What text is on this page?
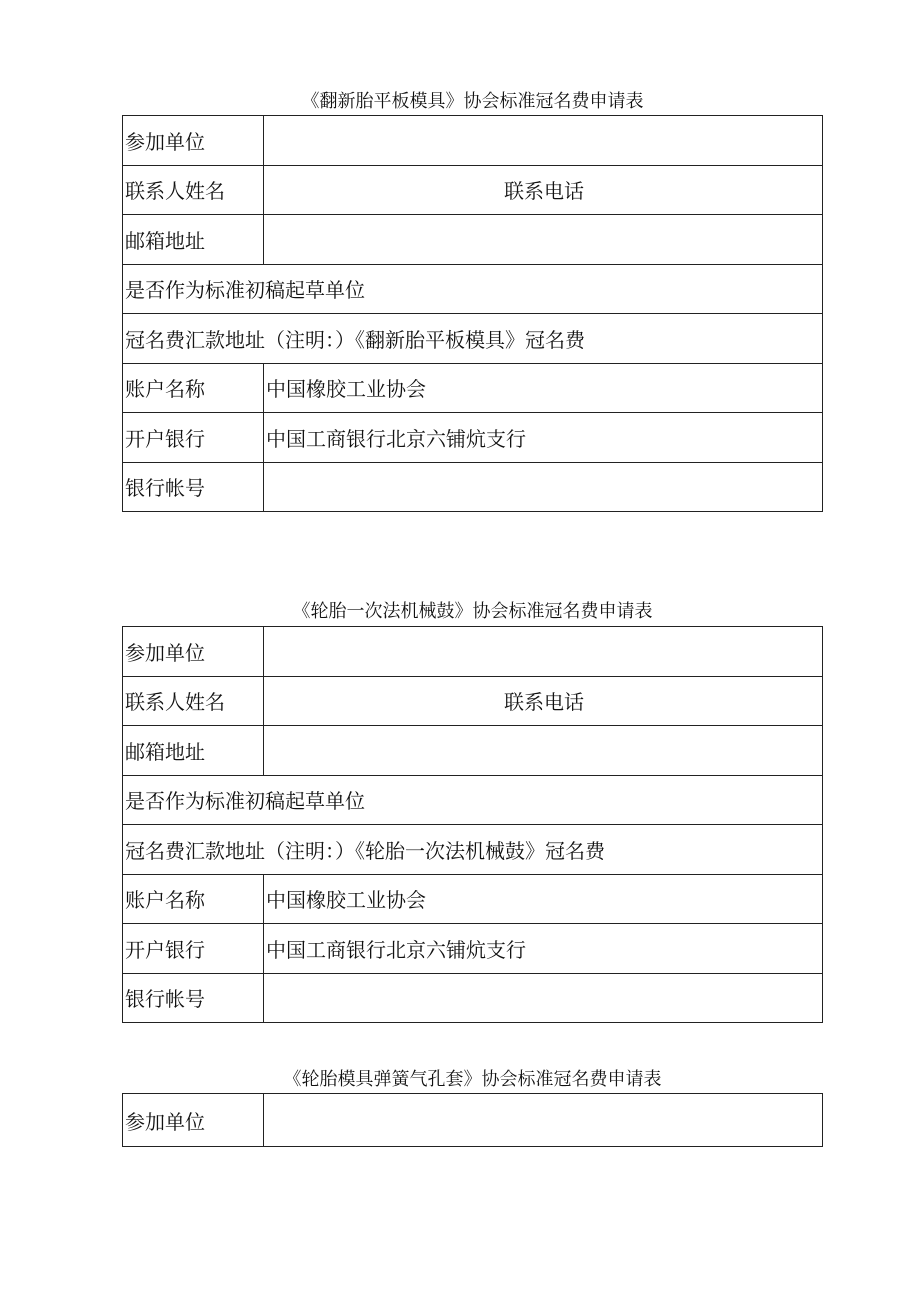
《翻新胎平板模具》协会标准冠名费申请表
参加单位	
联系人姓名	联系电话
邮箱地址	
是否作为标准初稿起草单位	
冠名费汇款地址（注明：）《翻新胎平板模具》冠名费	
账户名称	中国橡胶工业协会
开户银行	中国工商银行北京六铺炕支行
银行帐号	
《轮胎一次法机械鼓》协会标准冠名费申请表
参加单位	
联系人姓名	联系电话
邮箱地址	
是否作为标准初稿起草单位	
冠名费汇款地址（注明：）《轮胎一次法机械鼓》冠名费	
账户名称	中国橡胶工业协会
开户银行	中国工商银行北京六铺炕支行
银行帐号	
《轮胎模具弹簧气孔套》协会标准冠名费申请表
参加单位	
